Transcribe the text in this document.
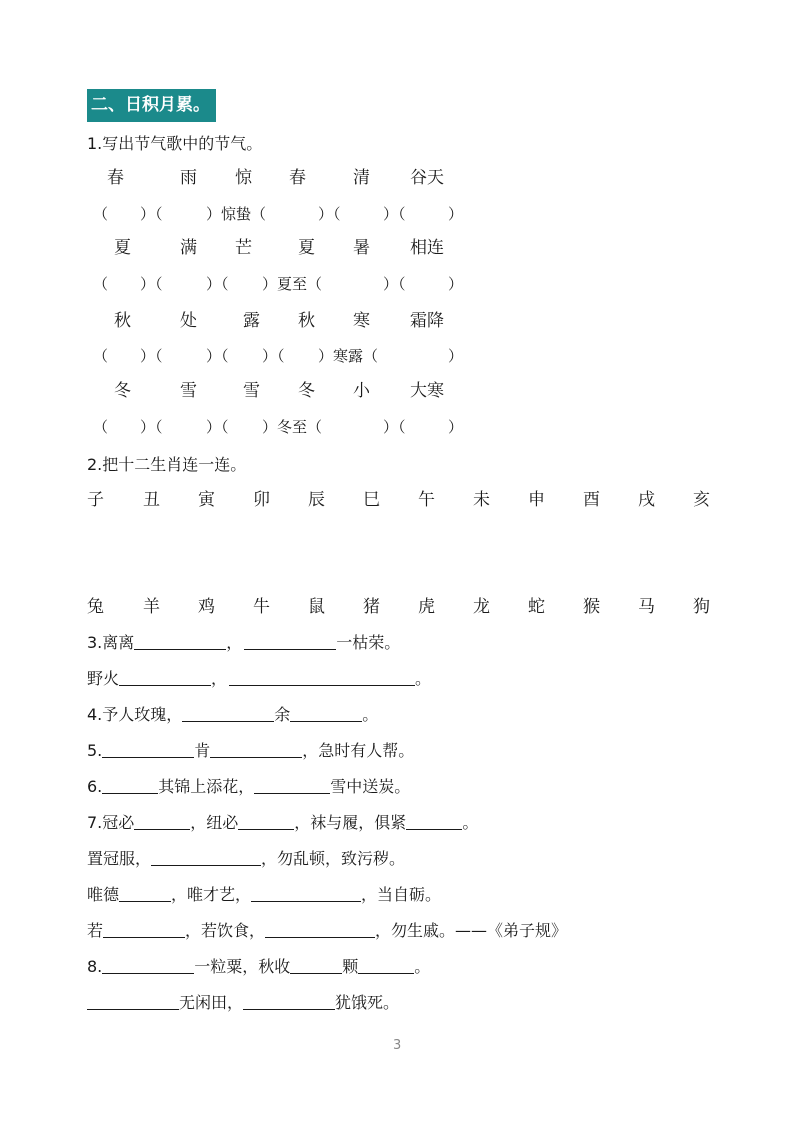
二、日积月累。
1.写出节气歌中的节气。
春	雨 惊 春	清 谷天
（ ）（	）惊蛰（	）（	）（	）
夏	满 芒	夏 暑 相连
（ ）（	）（ ）夏至（	）（	）
秋	处	露 秋 寒 霜降
（ ）（	）（ ）（ ）寒露（	）
冬	雪	雪 冬 小 大寒
（ ）（	）（ ）冬至（	）（	）
2.把十二生肖连一连。
子 丑 寅 卯 辰 巳 午 未 申 酉 戌 亥
兔 羊 鸡 牛 鼠 猪 虎 龙 蛇 猴 马 狗
3.离离	，	一枯荣。
野火	，	。
4.予人玫瑰，	余	。
5.	肯	，急时有人帮。
6.	其锦上添花，	雪中送炭。
7.冠必	，纽必	，袜与履，俱紧	。
置冠服，	，勿乱顿，致污秽。
唯德	，唯才艺，	，当自砺。
若	，若饮食，	，勿生戚。——《弟子规》
8.	一粒粟，秋收	颗	。
无闲田，	犹饿死。
3
